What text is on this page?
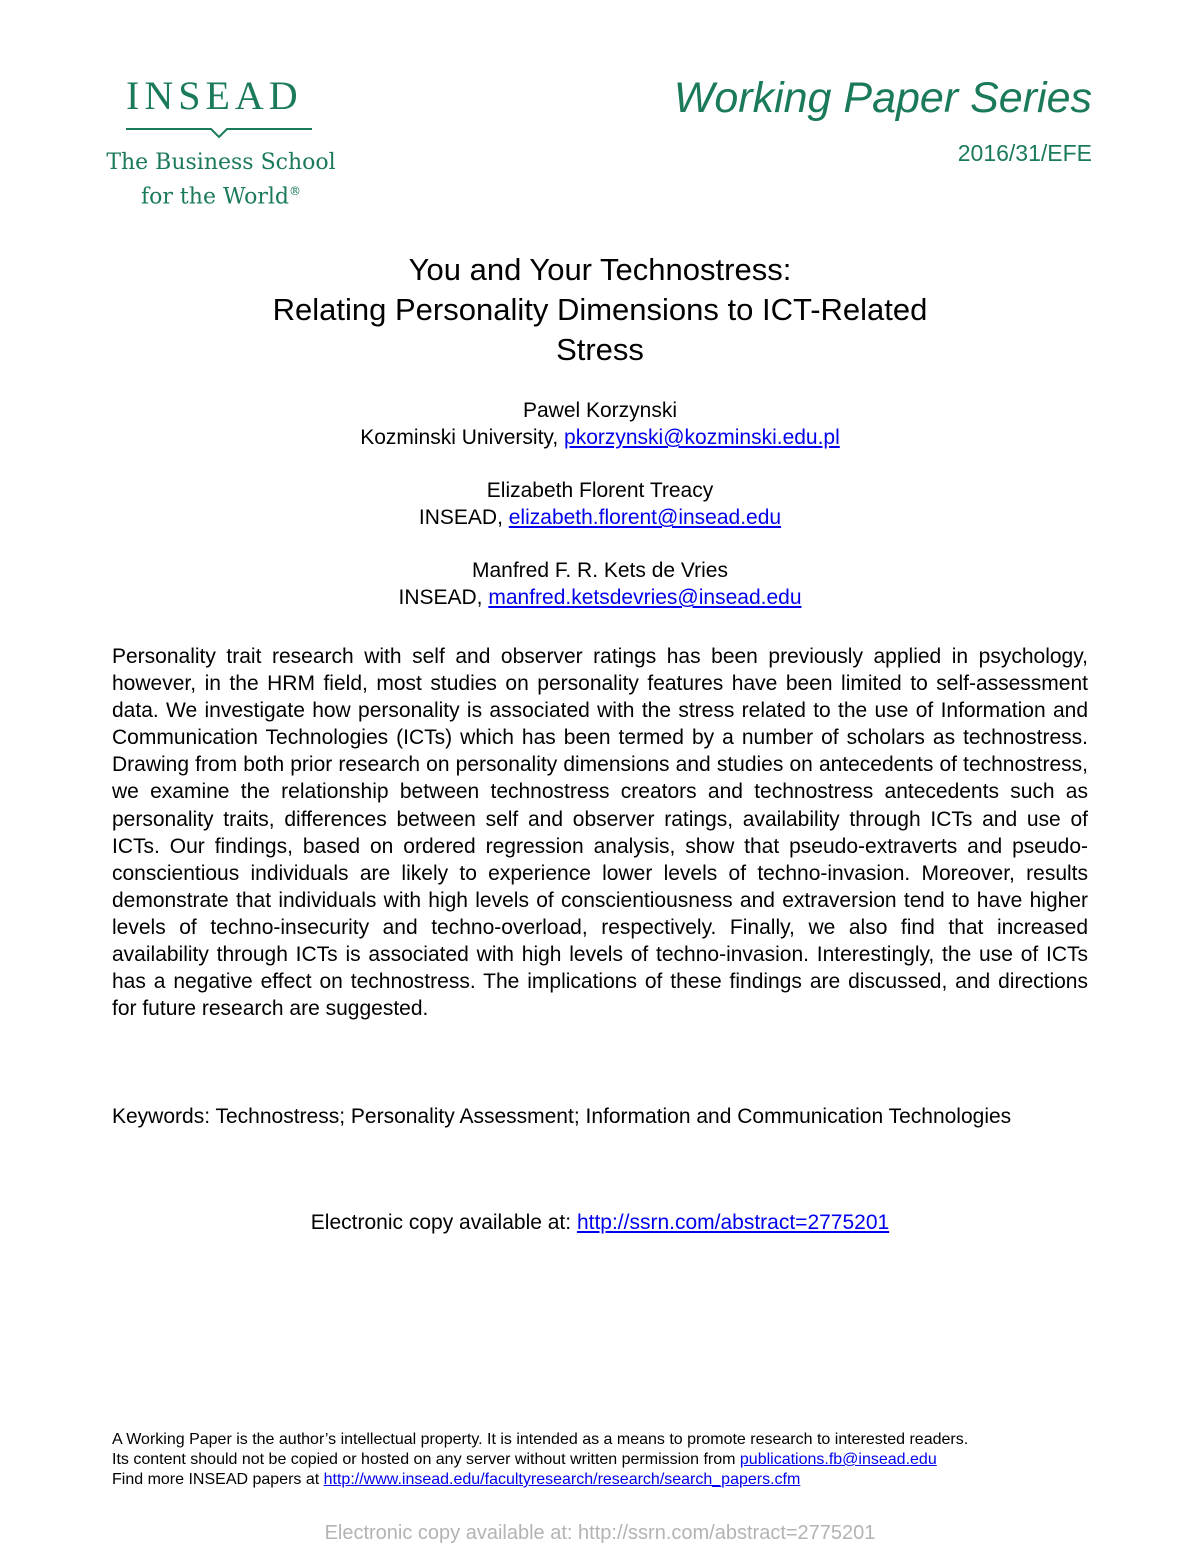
INSEAD
The Business School
for the World®
Working Paper Series
2016/31/EFE
You and Your Technostress:
Relating Personality Dimensions to ICT-Related
Stress
Pawel Korzynski
Kozminski University, pkorzynski@kozminski.edu.pl
Elizabeth Florent Treacy
INSEAD, elizabeth.florent@insead.edu
Manfred F. R. Kets de Vries
INSEAD, manfred.ketsdevries@insead.edu

Personality trait research with self and observer ratings has been previously applied in psychology, however, in the HRM field, most studies on personality features have been limited to self-assessment data. We investigate how personality is associated with the stress related to the use of Information and Communication Technologies (ICTs) which has been termed by a number of scholars as technostress. Drawing from both prior research on personality dimensions and studies on antecedents of technostress, we examine the relationship between technostress creators and technostress antecedents such as personality traits, differences between self and observer ratings, availability through ICTs and use of ICTs. Our findings, based on ordered regression analysis, show that pseudo-extraverts and pseudo-conscientious individuals are likely to experience lower levels of techno-invasion. Moreover, results demonstrate that individuals with high levels of conscientiousness and extraversion tend to have higher levels of techno-insecurity and techno-overload, respectively. Finally, we also find that increased availability through ICTs is associated with high levels of techno-invasion. Interestingly, the use of ICTs has a negative effect on technostress. The implications of these findings are discussed, and directions for future research are suggested.

Keywords: Technostress; Personality Assessment; Information and Communication Technologies

Electronic copy available at: http://ssrn.com/abstract=2775201
A Working Paper is the author’s intellectual property. It is intended as a means to promote research to interested readers.
Its content should not be copied or hosted on any server without written permission from publications.fb@insead.edu
Find more INSEAD papers at http://www.insead.edu/facultyresearch/research/search_papers.cfm
Electronic copy available at: http://ssrn.com/abstract=2775201
